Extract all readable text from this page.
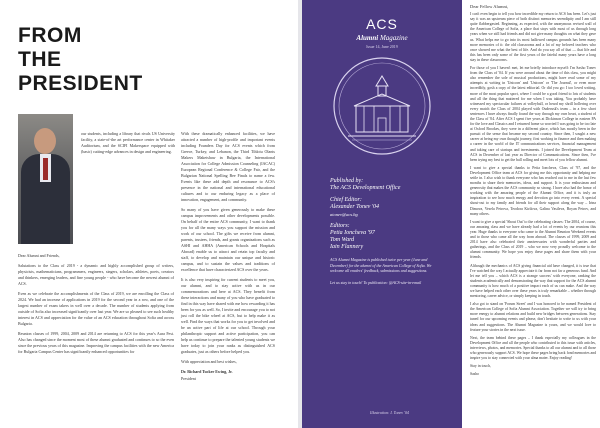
FROM
THE
PRESIDENT

our students, including a library that rivals US University facility, a state-of-the art performance center in Whitaker Auditorium, and the SCIFI Makerspace equipped with (basic) cutting-edge advances in design and engineering.

With these dramatically enhanced facilities, we have attracted a number of high-profile and important events including Founders Day for ACS events which from Greece, Turkey, and Lebanon, the Third Tihloiu Olants Makers Maketshaw in Bulgaria, the International Association for College Admission Counseling (IACAC) European Regional Conference & College Fair, and the Bulgarian National Spelling Bee Finals to name a few. Events like these add depth and resonance to ACS's presence in the national and international educational cultures and to our enduring legacy as a place of innovation, engagement, and community.

So many of you have given generously to make these campus improvements and other developments possible. On behalf of the entire ACS community, I want to thank you for all the many ways you support the mission and work of our school. The gifts we receive from alumni, parents, trustees, friends, and grants organizations such as ASHI and AHHA (American Schools and Hospitals Abroad) enable us to attract and retain top faculty and staff, to develop and maintain our unique and historic campus, and to sustain the values and traditions of excellence that have characterized ACS over the years.

It is also very inspiring for current students to meet you, our alumni, and to stay active with us in our commemorations and here at ACS. They benefit from these interactions and many of you who have graduated to find in this way have shared with me how rewarding it has been for you as well. So, I invite and encourage you to not just roll the bike wheel at ACS, but to help make it as well. Find the ways that works for you to get involved and be an active part of life at our school. Through your philanthropic support and active participation, you can help us continue to prepare the talented young students we have today to join your ranks as distinguished ACS graduates, just as others before helped you.

With appreciation and best wishes,

Dr. Richard Tucker Ewing, Jr.

President

Dear Alumni and Friends,

Salutations to the Class of 2019 - a dynamic and highly accomplished group of writers, physicists, mathematicians, programmers, engineers, singers, scholars, athletes, poets, creators and thinkers, emerging leaders, and fine young people - who have become the newest alumni of ACS.

Even as we celebrate the accomplishments of the Class of 2019, we are enrolling the Class of 2024. We had an increase of applications in 2019 for the second year in a row, and one of the largest number of exam takers in well over a decade. The number of students applying from outside of Sofia also increased significantly over last year. We are so pleased to see such healthy interest in ACS and appreciation for the value of an ACS education throughout Sofia and across Bulgaria.

Reunion classes of 1999, 2004, 2009 and 2014 are returning to ACS for this year's Aura Fest. Also has changed since the moment most of these alumni graduated and continues to so the even since the previous years of this magazine. Improving the campus facilities with the new America for Bulgaria Campus Center has significantly enhanced opportunities for

ACS
Alumni Magazine
Issue 14, June 2019

Published by:

The ACS Development Office

Chief Editor:

Alexander Tonev '04

atonev@acs.bg

Editors:

Petia Ioncheva '97

Tom Ward

Iain Flannery

ACS Alumni Magazine is published twice per year (June and December) for the alumni of the American College of Sofia. We welcome all readers' feedback, submissions and suggestions.

Let us stay in touch! To publication: @ACS-site-in-email

Illustration: I. Tonev '04

Dear Fellow Alumni,

I can't even begin to tell you how incredible my return to ACS has been. Let's just say it was an upstream piece of both distinct memories serendipity and I am still quite flabbergasted. Beginning, as expected, with the anonymous revised wall of the American College of Sofia, a place that stays with most of us through long years when we still had friends and did not give many thoughts on what they gave us. What helps me to go into its most hallowed campus grounds has been many more memories of it: the old classrooms and a lot of my beloved teachers who once showed me what the best of life. And do you say all of that — that life and this has been only some of the first years of the fateful many years have a long stay in these classrooms.

For those of you I haven't met, let me briefly introduce myself: I'm Sasho Tonev from the Class of '04. If you were around about the time of this class, you might also remember the sole of musical productions, might have read some of my attempts at writing in 'Unicorn' and 'Unicorn' or 'The Journal', or even more incredibly, gosh a copy of the latest editorial. Or did you go: I too loved writing, more of the most popular sport, where I could be a good friend to lots of students and all the thing that mattered for me when I was taking. You probably have witnessed my spectacular failures at volleyball, or heard my shrill hollering over every match the Class of 2004 played with Ouderusk's team – in a few short sentences I have always finally found the way through my own heart, a student of the Class of '04. After ACS I spent five years at Dickinson College in eastern PA for the love and Classics and I returned home so worried I was going to be too late at Oxford Brookes, they were in a different place, which has mostly been in the pursuit of the sense that became my second country. Since then, I sought a new career at being my own thought journey, first working in finance and then making a career in the world of the IT communications services, financial management and taking care of startups and investments. I joined the Development Team at ACS in December of last year as Director of Communications. Since then, I've been trying my best to get the ball rolling and meet lots of you fellow alumni.

I want to give a special thanks to Petia Ioncheva, Class of '97, and the Development Office team at ACS for giving me this opportunity and helping me settle in. I also wish to thank everyone who has reached out to me in the last few months to share their memories, ideas, and support. It is your enthusiasm and generosity that makes the ACS community so strong. I have also had the honor of working with the amazing people of the Alumni Office, and it is truly an inspiration to see how much energy and devotion go into every event. A special shout-out to my family and friends for all their support along the way – Irina Dimova, Vesela Petrova, Teodora Kirilova, Galina Vasileva, Boyan Petrov, and many others.

I want to give a special 'Shout Out' to the celebrating classes: The 2004, of course, our amazing class and we have already had a lot of events by our reunions this year. Huge thanks to everyone who came to the Alumni Reunion Weekend events and to those who came all the way from abroad. The classes of 1999, 2009 and 2014 have also celebrated their anniversaries with wonderful parties and gatherings, and the Class of 2019 – who we now very proudly welcome to the alumni community. We hope you enjoy these pages and share them with your friends.

Although the mechanics of ACS giving financial aid have changed, it is true that I've watched the way I actually appreciate it far from not far a generous fund. And let me tell you – which ACS is a strange success' with everyone, ranking the students academically and demonstrating the way that support for the ACS alumni community is how much of a positive impact each of us can make. And the way we have helped each other over these years is truly remarkable – whether through mentoring, career advice, or simply keeping in touch.

I also got to stand on 'Forum Street' and I was honored to be named President of the American College of Sofia Alumni Association. Together we will try to bring more energy to alumni relations and build new bridges between generations. Stay tuned for our upcoming events and please, don't hesitate to write to us with your ideas and suggestions. The Alumni Magazine is yours, and we would love to feature your stories in the next issue.

Next, the team behind these pages – I thank especially my colleagues in the Development Office and all the people who contributed to this issue with articles, interviews, photos, and memories. Special thanks to all our alumni and to all those who generously support ACS. We hope these pages bring back fond memories and inspire you to stay connected with your alma mater. Enjoy reading!

Stay in touch,

Sasho
